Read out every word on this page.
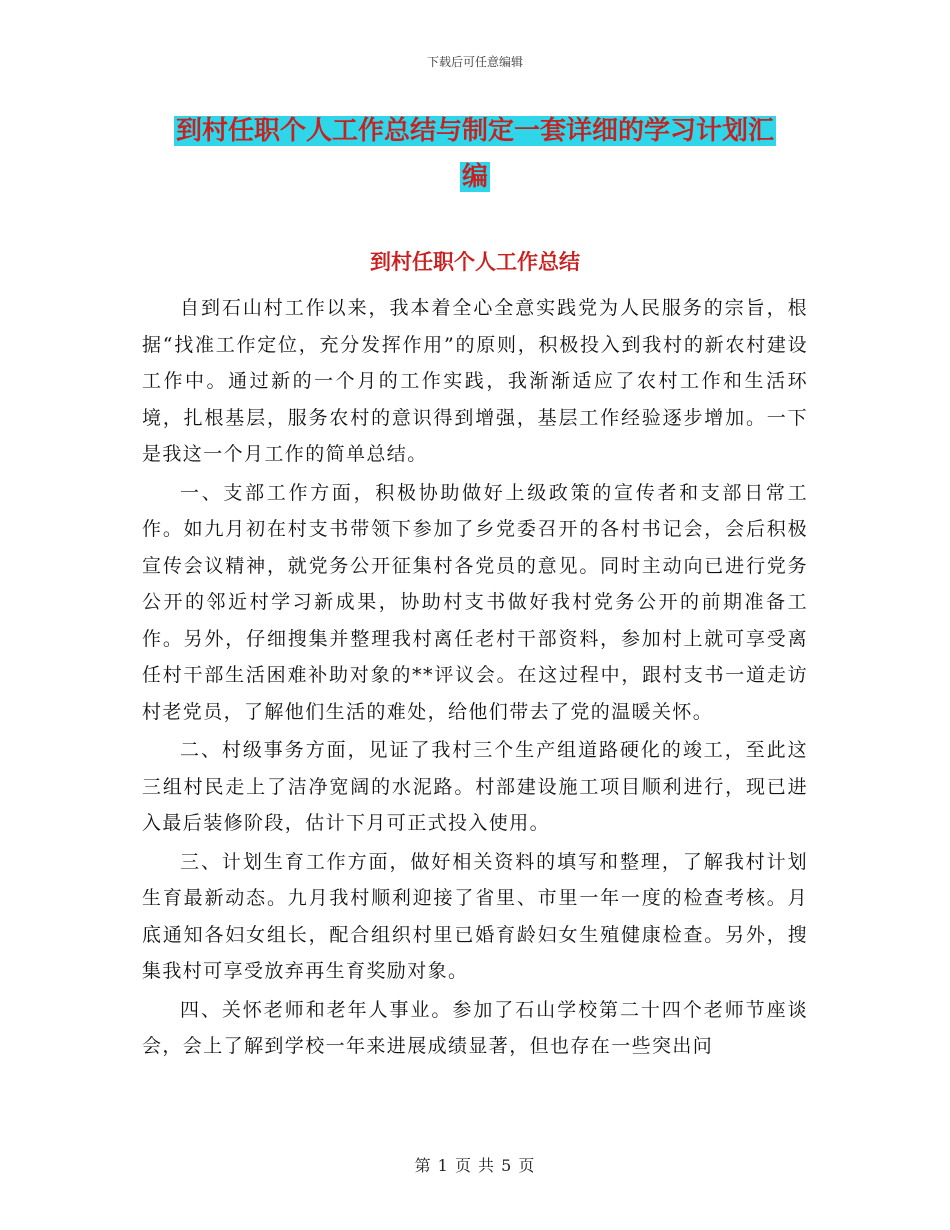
下载后可任意编辑
到村任职个人工作总结与制定一套详细的学习计划汇
编
到村任职个人工作总结

自到石山村工作以来，我本着全心全意实践党为人民服务的宗旨，根据“找准工作定位，充分发挥作用”的原则，积极投入到我村的新农村建设工作中。通过新的一个月的工作实践，我渐渐适应了农村工作和生活环境，扎根基层，服务农村的意识得到增强，基层工作经验逐步增加。一下是我这一个月工作的简单总结。

一、支部工作方面，积极协助做好上级政策的宣传者和支部日常工作。如九月初在村支书带领下参加了乡党委召开的各村书记会，会后积极宣传会议精神，就党务公开征集村各党员的意见。同时主动向已进行党务公开的邻近村学习新成果，协助村支书做好我村党务公开的前期准备工作。另外，仔细搜集并整理我村离任老村干部资料，参加村上就可享受离任村干部生活困难补助对象的**评议会。在这过程中，跟村支书一道走访村老党员，了解他们生活的难处，给他们带去了党的温暖关怀。

二、村级事务方面，见证了我村三个生产组道路硬化的竣工，至此这三组村民走上了洁净宽阔的水泥路。村部建设施工项目顺利进行，现已进入最后装修阶段，估计下月可正式投入使用。

三、计划生育工作方面，做好相关资料的填写和整理，了解我村计划生育最新动态。九月我村顺利迎接了省里、市里一年一度的检查考核。月底通知各妇女组长，配合组织村里已婚育龄妇女生殖健康检查。另外，搜集我村可享受放弃再生育奖励对象。

四、关怀老师和老年人事业。参加了石山学校第二十四个老师节座谈会，会上了解到学校一年来进展成绩显著，但也存在一些突出问

第 1 页 共 5 页
